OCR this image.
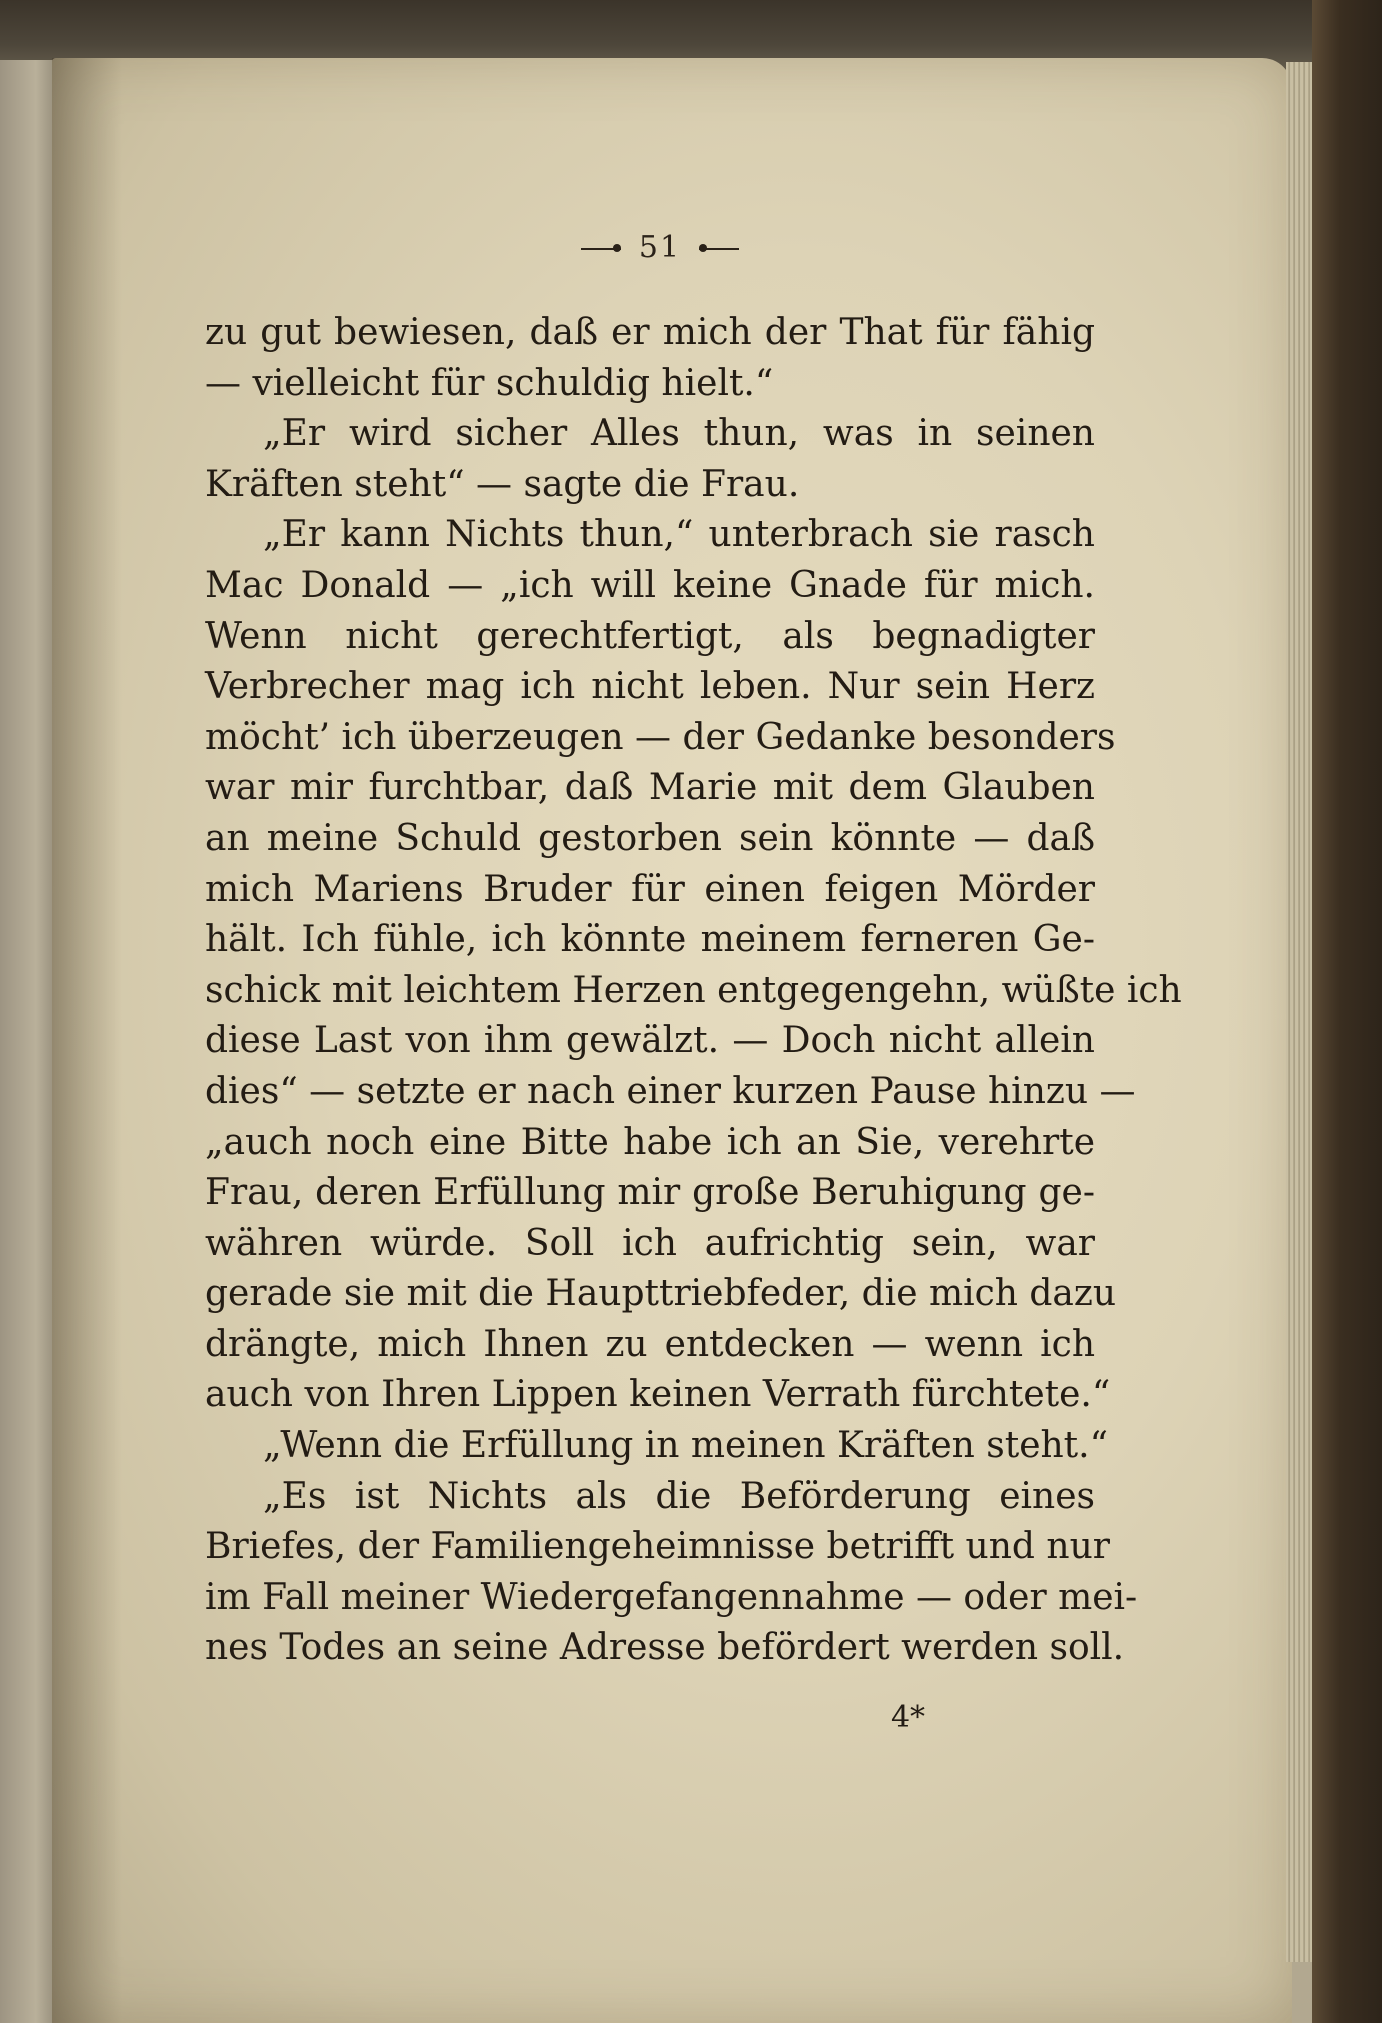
51
zu gut bewiesen, daß er mich der That für fähig
— vielleicht für schuldig hielt.“
„Er wird sicher Alles thun, was in seinen
Kräften steht“ — sagte die Frau.
„Er kann Nichts thun,“ unterbrach sie rasch
Mac Donald — „ich will keine Gnade für mich.
Wenn nicht gerechtfertigt, als begnadigter
Verbrecher mag ich nicht leben. Nur sein Herz
möcht’ ich überzeugen — der Gedanke besonders
war mir furchtbar, daß Marie mit dem Glauben
an meine Schuld gestorben sein könnte — daß
mich Mariens Bruder für einen feigen Mörder
hält. Ich fühle, ich könnte meinem ferneren Ge-
schick mit leichtem Herzen entgegengehn, wüßte ich
diese Last von ihm gewälzt. — Doch nicht allein
dies“ — setzte er nach einer kurzen Pause hinzu —
„auch noch eine Bitte habe ich an Sie, verehrte
Frau, deren Erfüllung mir große Beruhigung ge-
währen würde. Soll ich aufrichtig sein, war
gerade sie mit die Haupttriebfeder, die mich dazu
drängte, mich Ihnen zu entdecken — wenn ich
auch von Ihren Lippen keinen Verrath fürchtete.“
„Wenn die Erfüllung in meinen Kräften steht.“
„Es ist Nichts als die Beförderung eines
Briefes, der Familiengeheimnisse betrifft und nur
im Fall meiner Wiedergefangennahme — oder mei-
nes Todes an seine Adresse befördert werden soll.
4*
